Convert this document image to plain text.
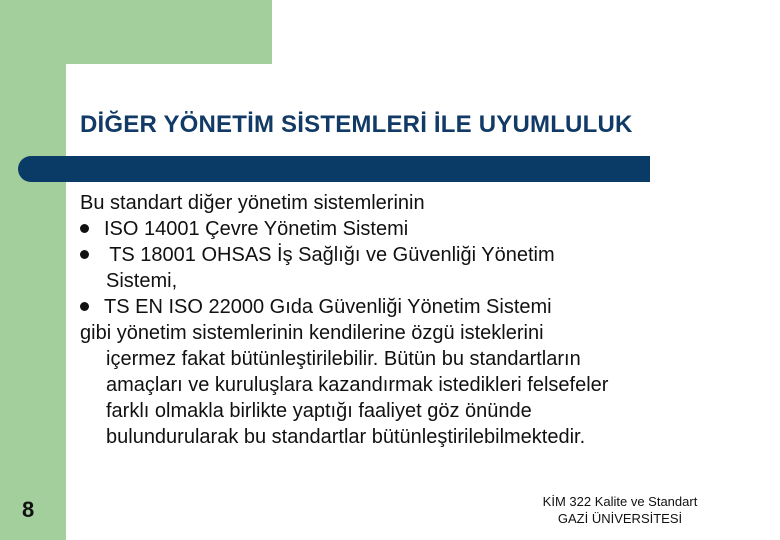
DİĞER YÖNETİM SİSTEMLERİ İLE UYUMLULUK
Bu standart diğer yönetim sistemlerinin
ISO 14001 Çevre Yönetim Sistemi
TS 18001 OHSAS İş Sağlığı ve Güvenliği Yönetim
Sistemi,
TS EN ISO 22000 Gıda Güvenliği Yönetim Sistemi
gibi yönetim sistemlerinin kendilerine özgü isteklerini
içermez fakat bütünleştirilebilir. Bütün bu standartların
amaçları ve kuruluşlara kazandırmak istedikleri felsefeler
farklı olmakla birlikte yaptığı faaliyet göz önünde
bulundurularak bu standartlar bütünleştirilebilmektedir.
8	KİM 322 Kalite ve Standart
GAZİ ÜNİVERSİTESİ
